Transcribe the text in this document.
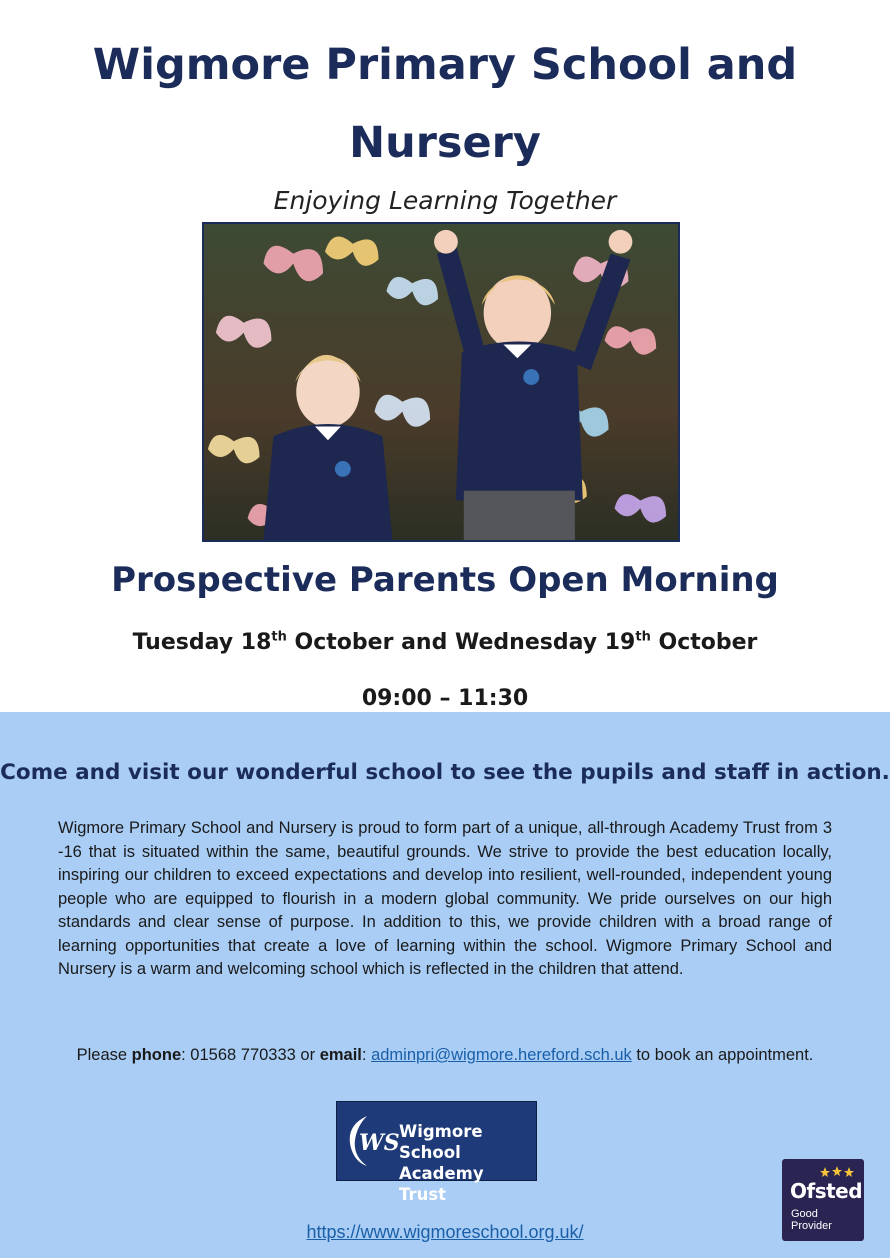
Wigmore Primary School and
Nursery
Enjoying Learning Together
Prospective Parents Open Morning
Tuesday 18th October and Wednesday 19th October
09:00 – 11:30
Come and visit our wonderful school to see the pupils and staff in action.

Wigmore Primary School and Nursery is proud to form part of a unique, all-through Academy Trust from 3 -16 that is situated within the same, beautiful grounds. We strive to provide the best education locally, inspiring our children to exceed expectations and develop into resilient, well-rounded, independent young people who are equipped to flourish in a modern global community. We pride ourselves on our high standards and clear sense of purpose. In addition to this, we provide children with a broad range of learning opportunities that create a love of learning within the school. Wigmore Primary School and Nursery is a warm and welcoming school which is reflected in the children that attend.

Please phone: 01568 770333 or email: adminpri@wigmore.hereford.sch.uk to book an appointment.
WS Wigmore School
Academy Trust	Ofsted
Good
Provider
https://www.wigmoreschool.org.uk/
